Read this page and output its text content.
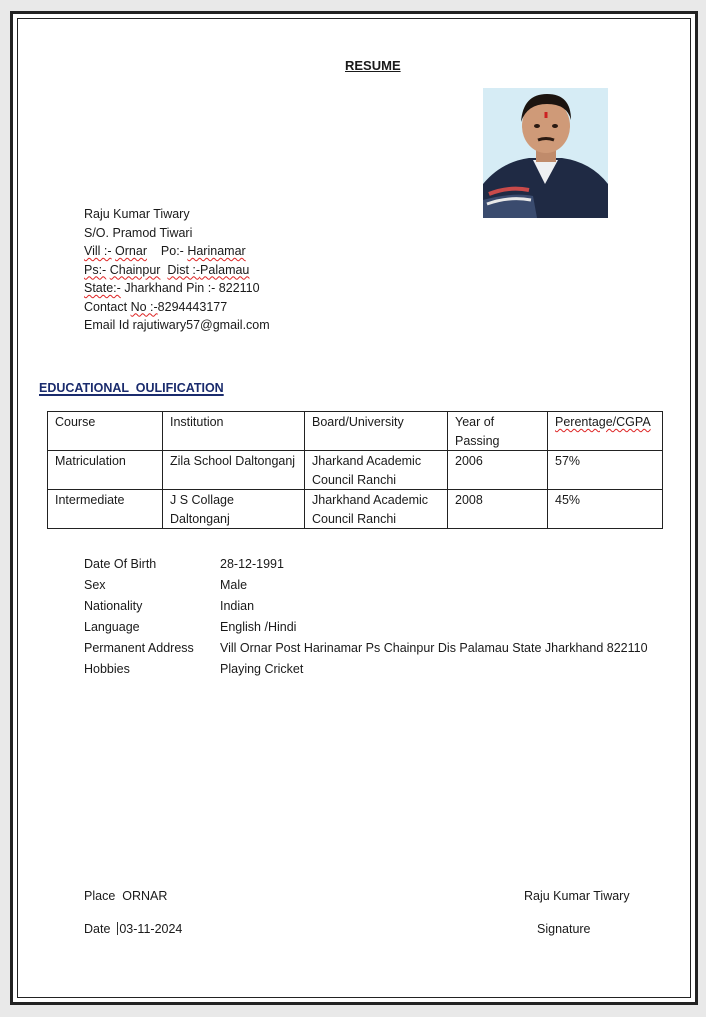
RESUME
Raju Kumar Tiwary
S/O. Pramod Tiwari
Vill :- Ornar Po:- Harinamar
Ps:- Chainpur Dist :-Palamau
State:- Jharkhand Pin :- 822110
Contact No :-8294443177
Email Id rajutiwary57@gmail.com
EDUCATIONAL  OULIFICATION
Course	Institution	Board/University	Year of Passing	Perentage/CGPA
Matriculation	Zila School Daltonganj	Jharkand Academic Council Ranchi	2006	57%
Intermediate	J S Collage Daltonganj	Jharkhand Academic Council Ranchi	2008	45%
Date Of Birth	28-12-1991
Sex	Male
Nationality	Indian
Language	English /Hindi
Permanent Address	Vill Ornar Post Harinamar Ps Chainpur Dis Palamau State Jharkhand 822110
Hobbies	Playing Cricket
Place ORNAR
Date 03-11-2024
Raju Kumar Tiwary
Signature
